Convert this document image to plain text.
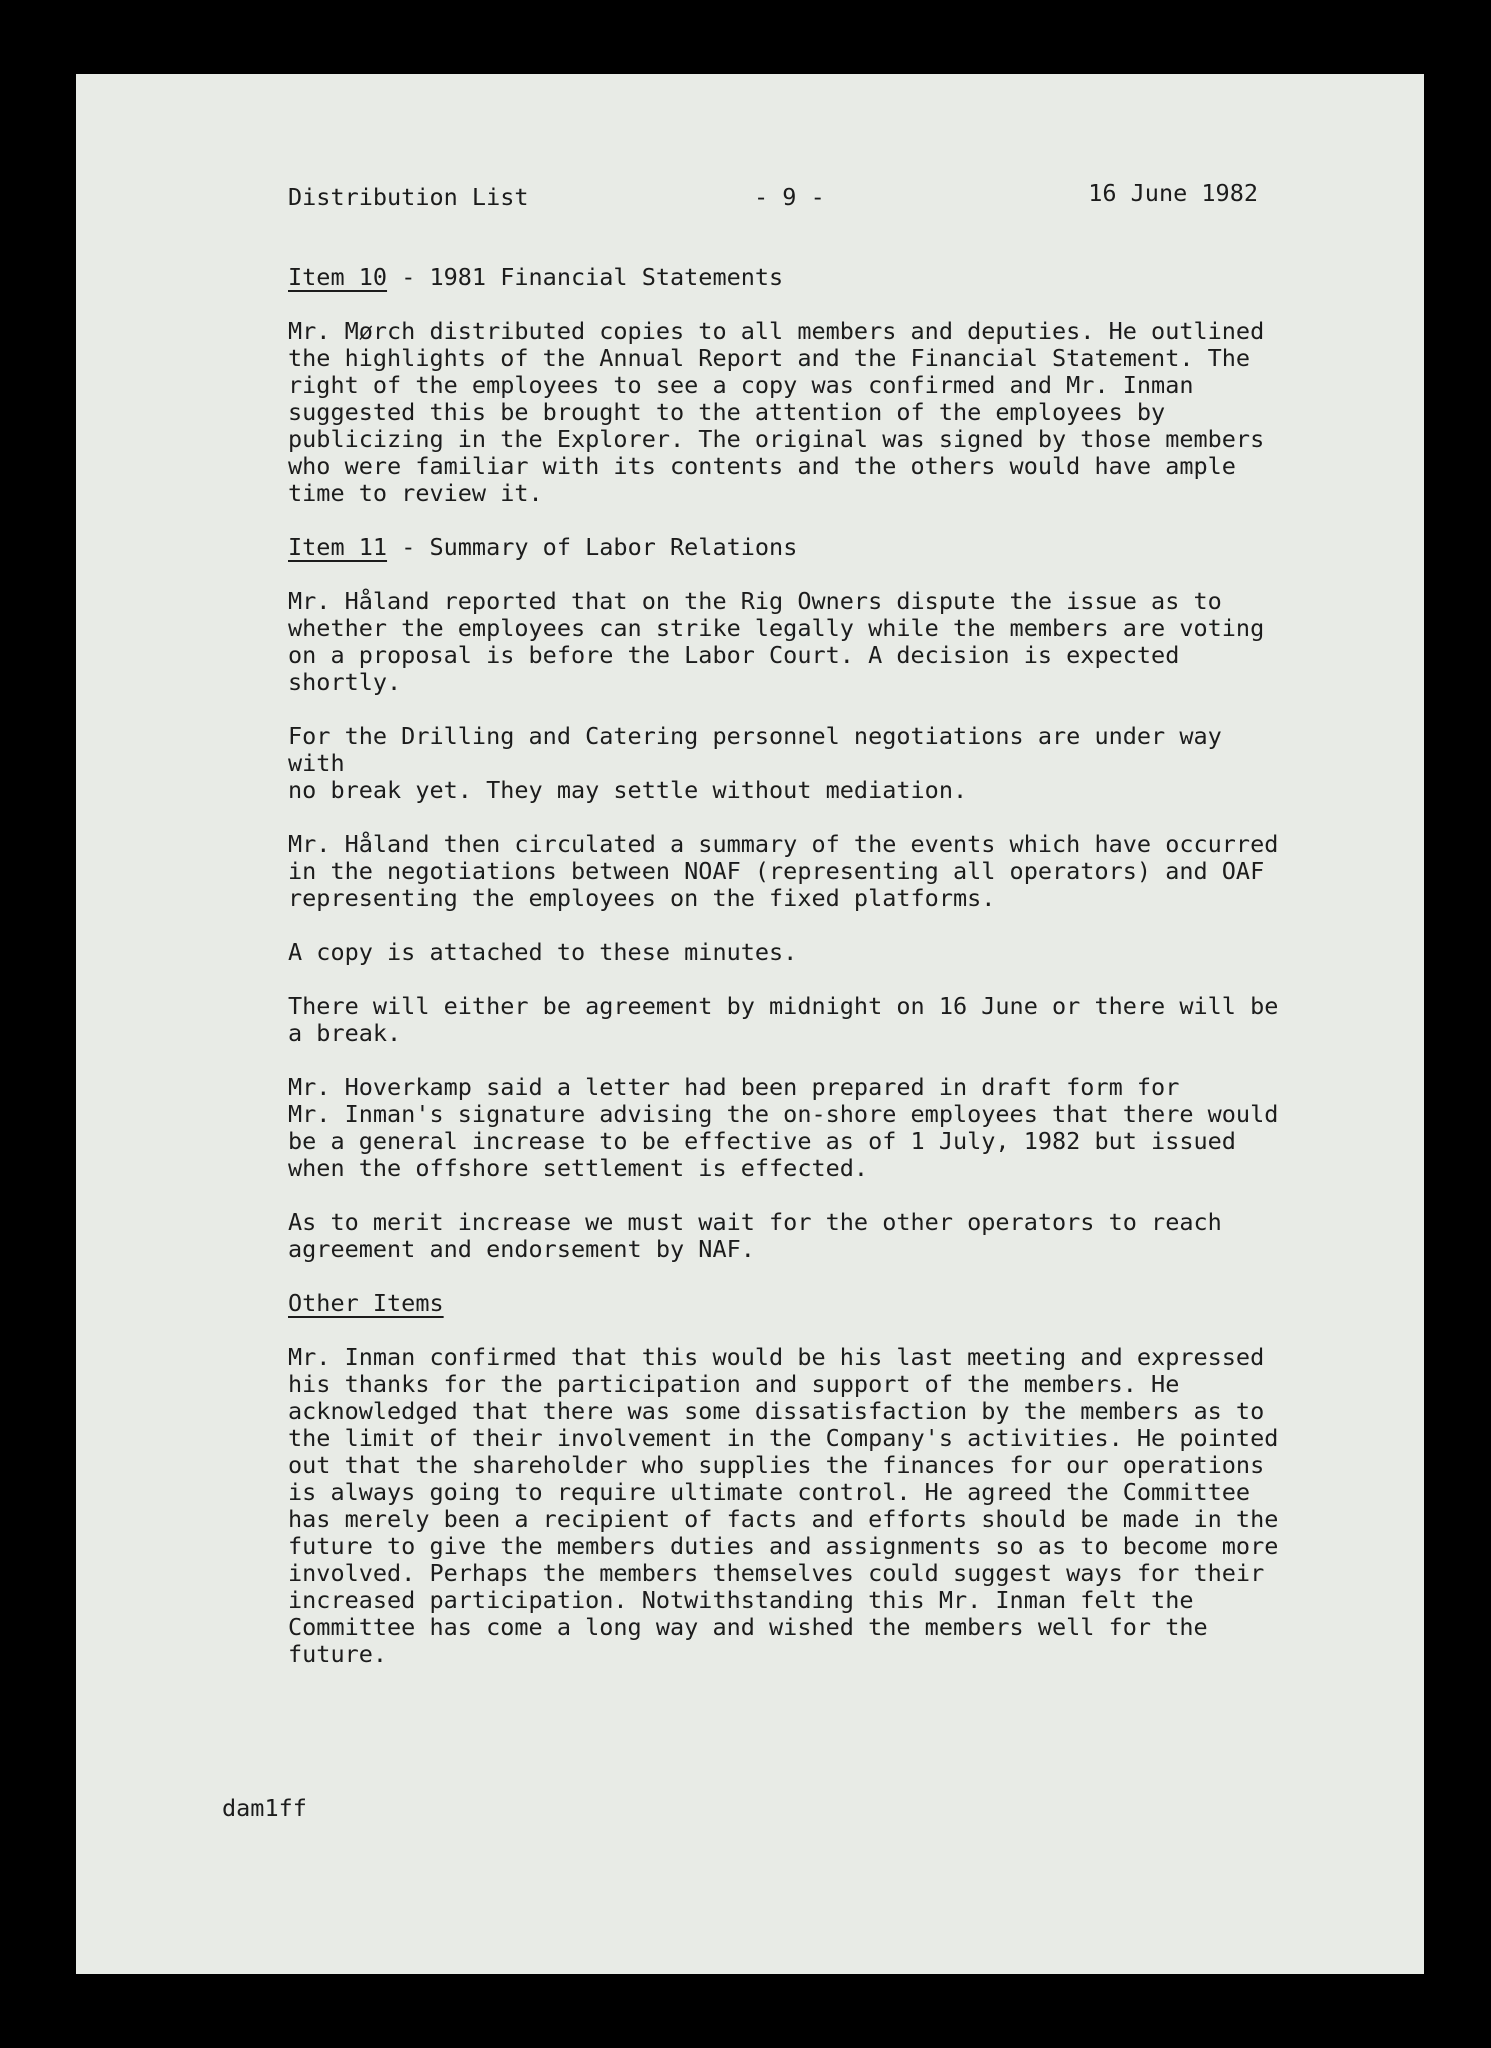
Distribution List	- 9 -	16 June 1982
Item 10 - 1981 Financial Statements

Mr. Mørch distributed copies to all members and deputies. He outlined
the highlights of the Annual Report and the Financial Statement. The
right of the employees to see a copy was confirmed and Mr. Inman
suggested this be brought to the attention of the employees by
publicizing in the Explorer. The original was signed by those members
who were familiar with its contents and the others would have ample
time to review it.

Item 11 - Summary of Labor Relations

Mr. Håland reported that on the Rig Owners dispute the issue as to
whether the employees can strike legally while the members are voting
on a proposal is before the Labor Court. A decision is expected
shortly.

For the Drilling and Catering personnel negotiations are under way with
no break yet. They may settle without mediation.

Mr. Håland then circulated a summary of the events which have occurred
in the negotiations between NOAF (representing all operators) and OAF
representing the employees on the fixed platforms.

A copy is attached to these minutes.

There will either be agreement by midnight on 16 June or there will be
a break.

Mr. Hoverkamp said a letter had been prepared in draft form for
Mr. Inman's signature advising the on-shore employees that there would
be a general increase to be effective as of 1 July, 1982 but issued
when the offshore settlement is effected.

As to merit increase we must wait for the other operators to reach
agreement and endorsement by NAF.

Other Items

Mr. Inman confirmed that this would be his last meeting and expressed
his thanks for the participation and support of the members. He
acknowledged that there was some dissatisfaction by the members as to
the limit of their involvement in the Company's activities. He pointed
out that the shareholder who supplies the finances for our operations
is always going to require ultimate control. He agreed the Committee
has merely been a recipient of facts and efforts should be made in the
future to give the members duties and assignments so as to become more
involved. Perhaps the members themselves could suggest ways for their
increased participation. Notwithstanding this Mr. Inman felt the
Committee has come a long way and wished the members well for the
future.

dam1ff
